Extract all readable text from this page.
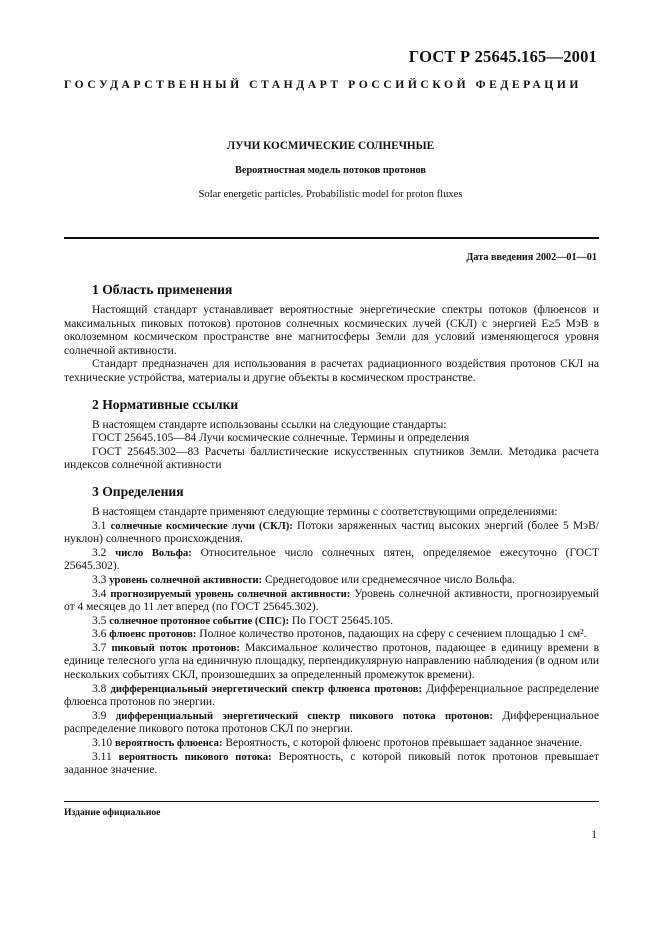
ГОСТ Р 25645.165—2001
ГОСУДАРСТВЕННЫЙ СТАНДАРТ РОССИЙСКОЙ ФЕДЕРАЦИИ
ЛУЧИ КОСМИЧЕСКИЕ СОЛНЕЧНЫЕ
Вероятностная модель потоков протонов
Solar energetic particles. Probabilistic model for proton fluxes
Дата введения 2002—01—01
1 Область применения

Настоящий стандарт устанавливает вероятностные энергетические спектры потоков (флюенсов и максимальных пиковых потоков) протонов солнечных космических лучей (СКЛ) с энергией E≥5 МэВ в околоземном космическом пространстве вне магнитосферы Земли для условий изменяющегося уровня солнечной активности.

Стандарт предназначен для использования в расчетах радиационного воздействия протонов СКЛ на технические устройства, материалы и другие объекты в космическом пространстве.

2 Нормативные ссылки

В настоящем стандарте использованы ссылки на следующие стандарты:

ГОСТ 25645.105—84 Лучи космические солнечные. Термины и определения

ГОСТ 25645.302—83 Расчеты баллистические искусственных спутников Земли. Методика расчета индексов солнечной активности

3 Определения

В настоящем стандарте применяют следующие термины с соответствующими определениями:

3.1 солнечные космические лучи (СКЛ): Потоки заряженных частиц высоких энергий (более 5 МэВ/нуклон) солнечного происхождения.

3.2 число Вольфа: Относительное число солнечных пятен, определяемое ежесуточно (ГОСТ 25645.302).

3.3 уровень солнечной активности: Среднегодовое или среднемесячное число Вольфа.

3.4 прогнозируемый уровень солнечной активности: Уровень солнечной активности, прогнозируемый от 4 месяцев до 11 лет вперед (по ГОСТ 25645.302).

3.5 солнечное протонное событие (СПС): По ГОСТ 25645.105.

3.6 флюенс протонов: Полное количество протонов, падающих на сферу с сечением площадью 1 см².

3.7 пиковый поток протонов: Максимальное количество протонов, падающее в единицу времени в единице телесного угла на единичную площадку, перпендикулярную направлению наблюдения (в одном или нескольких событиях СКЛ, произошедших за определенный промежуток времени).

3.8 дифференциальный энергетический спектр флюенса протонов: Дифференциальное распределение флюенса протонов по энергии.

3.9 дифференциальный энергетический спектр пикового потока протонов: Дифференциальное распределение пикового потока протонов СКЛ по энергии.

3.10 вероятность флюенса: Вероятность, с которой флюенс протонов превышает заданное значение.

3.11 вероятность пикового потока: Вероятность, с которой пиковый поток протонов превышает заданное значение.

Издание официальное
1
